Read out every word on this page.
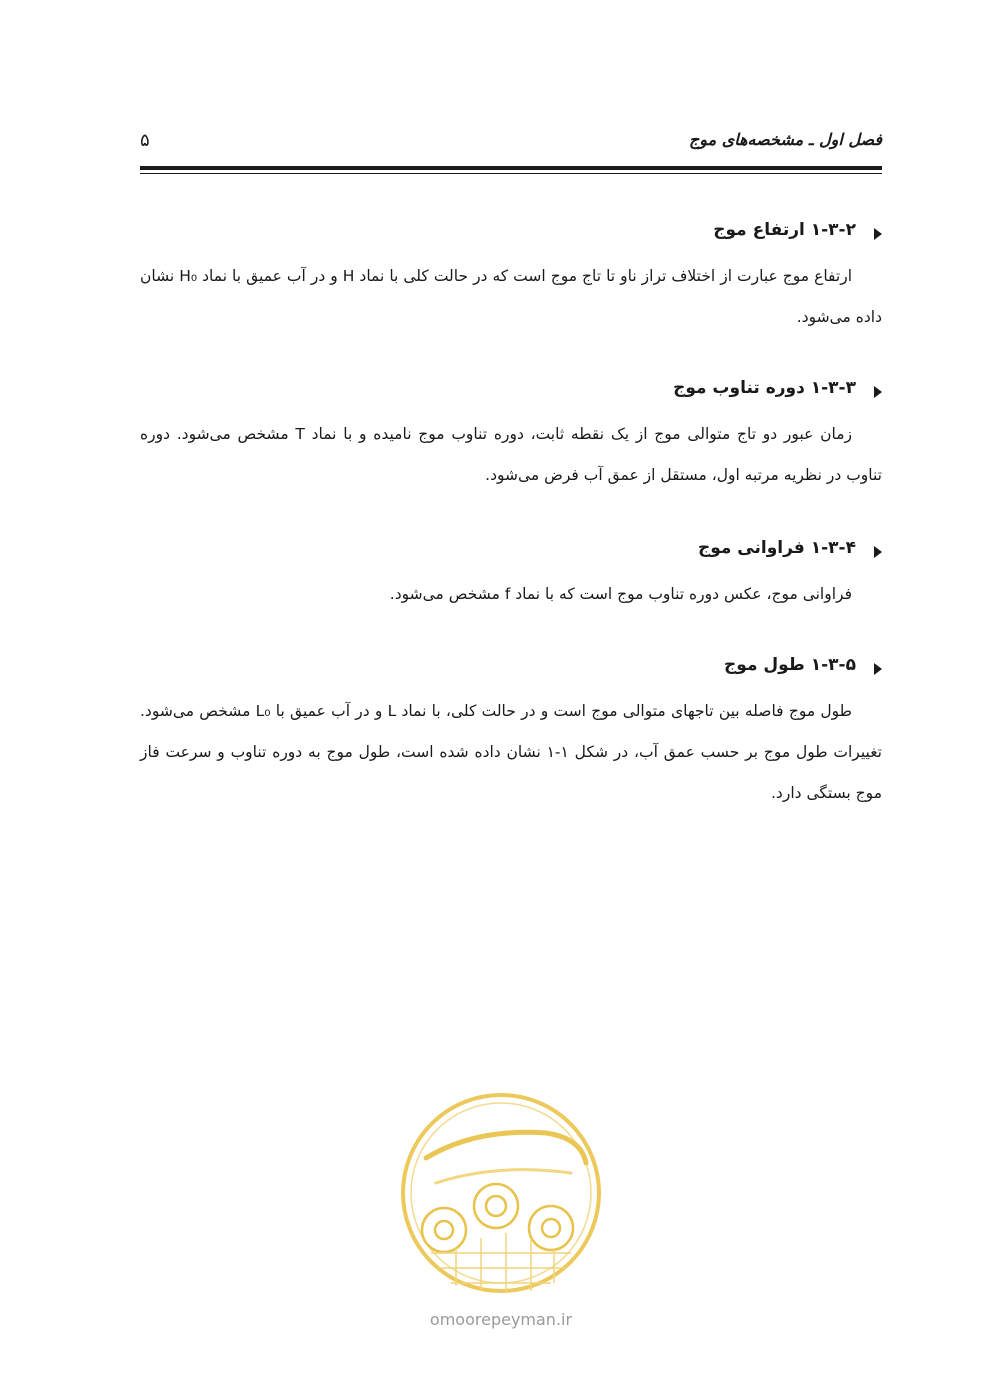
فصل اول ـ مشخصه‌های موج
۵
۱-۳-۲ ارتفاع موج
ارتفاع موج عبارت از اختلاف تراز ناو تا تاج موج است که در حالت کلی با نماد H و در آب عمیق با نماد H₀ نشان داده می‌شود.
۱-۳-۳ دوره تناوب موج
زمان عبور دو تاج متوالی موج از یک نقطه ثابت، دوره تناوب موج نامیده و با نماد T مشخص می‌شود. دوره تناوب در نظریه مرتبه اول، مستقل از عمق آب فرض می‌شود.
۱-۳-۴ فراوانی موج
فراوانی موج، عکس دوره تناوب موج است که با نماد f مشخص می‌شود.
۱-۳-۵ طول موج
طول موج فاصله بین تاجهای متوالی موج است و در حالت کلی، با نماد L و در آب عمیق با L₀ مشخص می‌شود. تغییرات طول موج بر حسب عمق آب، در شکل ۱-۱ نشان داده شده است، طول موج به دوره تناوب و سرعت فاز موج بستگی دارد.
omoorepeyman.ir
